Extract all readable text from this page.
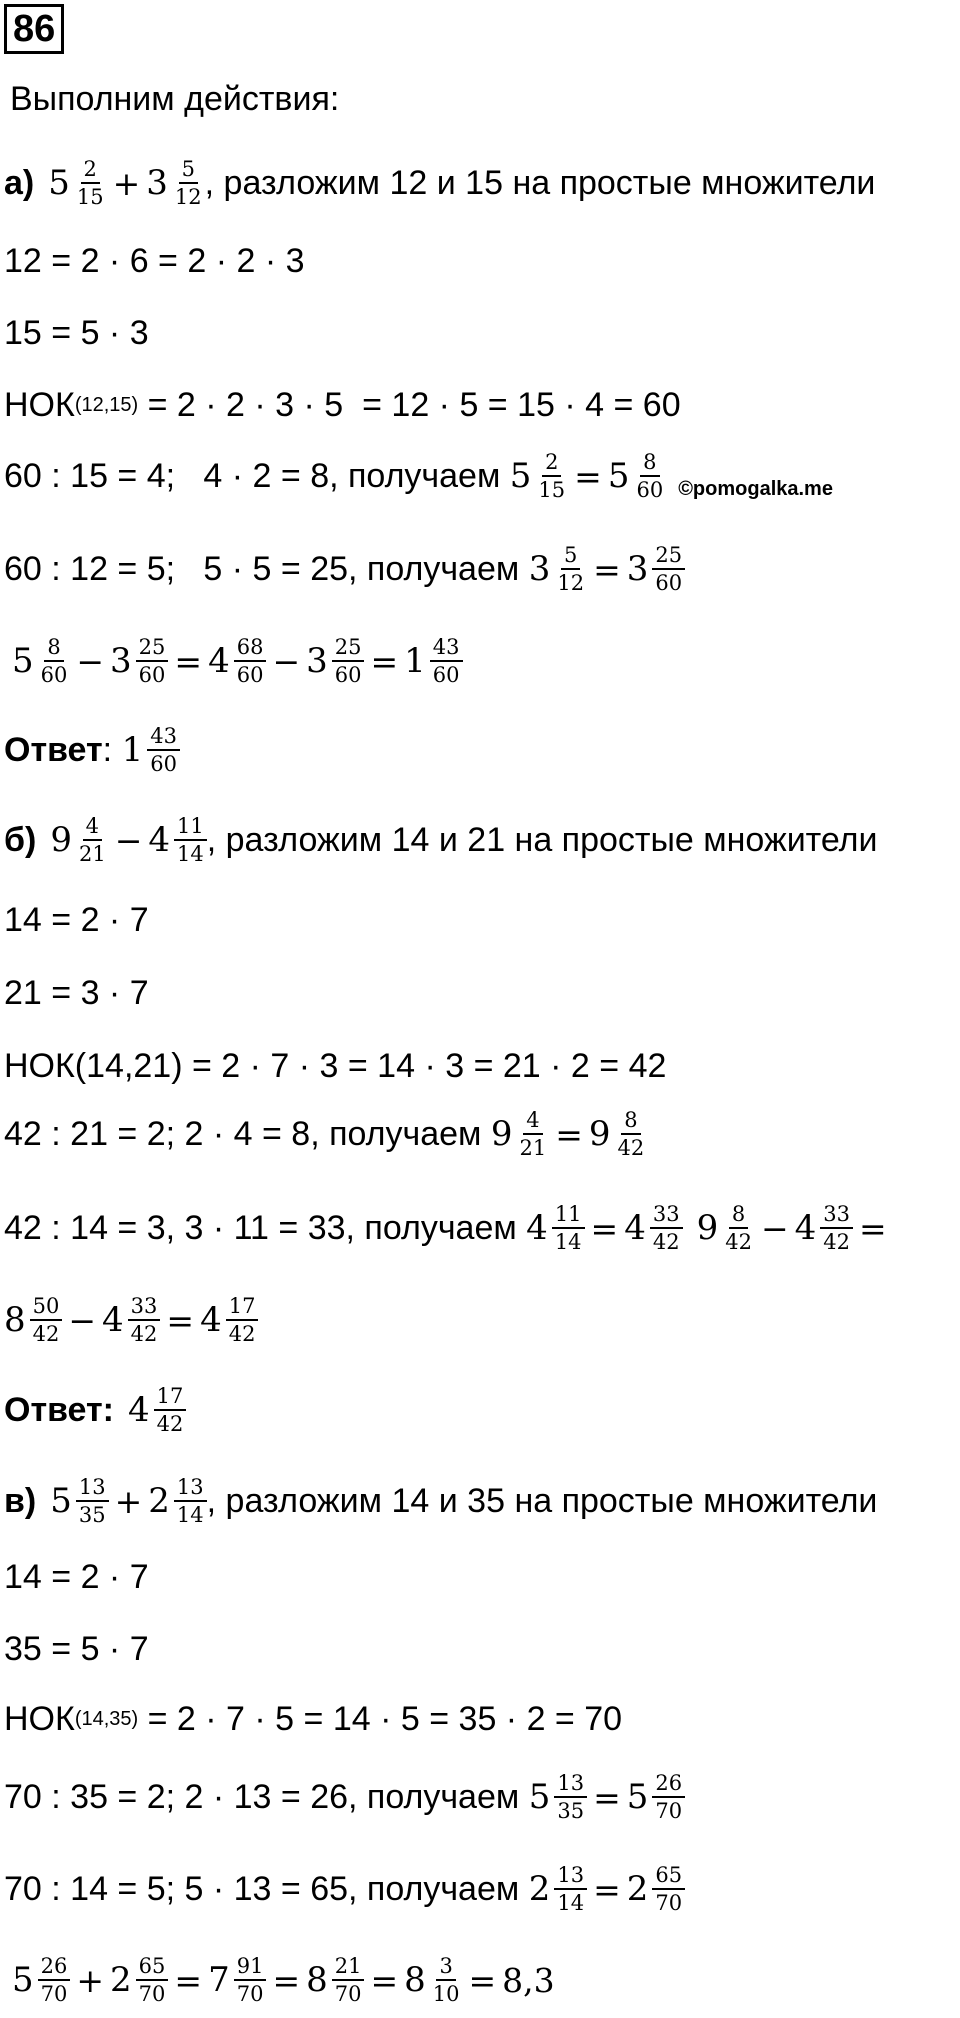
86
Выполним действия:
а) $5 \frac{2}{15} + 3 \frac{5}{12}$ , разложим 12 и 15 на простые множители
12 = 2 · 6 = 2 · 2 · 3
15 = 5 · 3
НОК (12,15) = 2 · 2 · 3 · 5  = 12 · 5 = 15 · 4 = 60
60 : 15 = 4;   4 · 2 = 8, получаем $5 \frac{2}{15} = 5 \frac{8}{60}$ ©pomogalka.me
60 : 12 = 5;   5 · 5 = 25, получаем $3 \frac{5}{12} = 3 \frac{25}{60}$
$5 \frac{8}{60} - 3 \frac{25}{60} = 4 \frac{68}{60} - 3 \frac{25}{60} = 1 \frac{43}{60}$
Ответ : $1 \frac{43}{60}$
б) $9 \frac{4}{21} - 4 \frac{11}{14}$ , разложим 14 и 21 на простые множители
14 = 2 · 7
21 = 3 · 7
НОК(14,21) = 2 · 7 · 3 = 14 · 3 = 21 · 2 = 42
42 : 21 = 2; 2 · 4 = 8, получаем $9 \frac{4}{21} = 9 \frac{8}{42}$
42 : 14 = 3, 3 · 11 = 33, получаем $4 \frac{11}{14} = 4 \frac{33}{42} 9 \frac{8}{42} - 4 \frac{33}{42}$ =
$8 \frac{50}{42} - 4 \frac{33}{42} = 4 \frac{17}{42}$
Ответ: $4 \frac{17}{42}$
в) $5 \frac{13}{35} + 2 \frac{13}{14}$ , разложим 14 и 35 на простые множители
14 = 2 · 7
35 = 5 · 7
НОК (14,35) = 2 · 7 · 5 = 14 · 5 = 35 · 2 = 70
70 : 35 = 2; 2 · 13 = 26, получаем $5 \frac{13}{35} = 5 \frac{26}{70}$
70 : 14 = 5; 5 · 13 = 65, получаем $2 \frac{13}{14} = 2 \frac{65}{70}$
$5 \frac{26}{70} + 2 \frac{65}{70} = 7 \frac{91}{70} = 8 \frac{21}{70} = 8 \frac{3}{10} = 8,3$
